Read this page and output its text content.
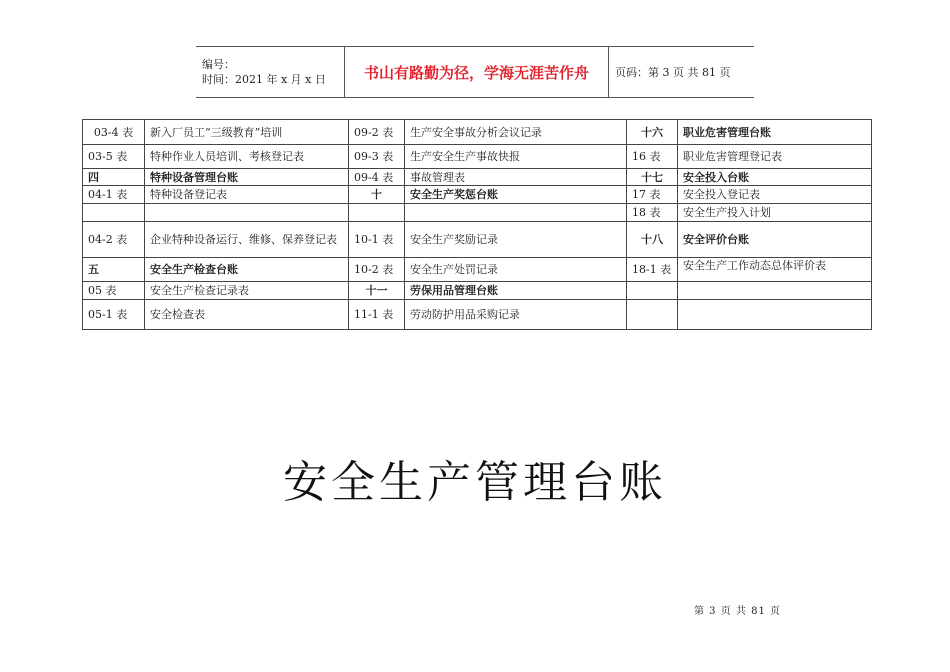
编号：
时间：2021 年 x 月 x 日	书山有路勤为径，学海无涯苦作舟	页码：第 3 页 共 81 页
03-4 表	新入厂员工“三级教育”培训	09-2 表	生产安全事故分析会议记录	十六	职业危害管理台账
03-5 表	特种作业人员培训、考核登记表	09-3 表	生产安全生产事故快报	16 表	职业危害管理登记表
四	特种设备管理台账	09-4 表	事故管理表	十七	安全投入台账
04-1 表	特种设备登记表	十	安全生产奖惩台账	17 表	安全投入登记表
				18 表	安全生产投入计划
04-2 表	企业特种设备运行、维修、保养登记表	10-1 表	安全生产奖励记录	十八	安全评价台账
五	安全生产检查台账	10-2 表	安全生产处罚记录	18-1 表	安全生产工作动态总体评价表
05 表	安全生产检查记录表	十一	劳保用品管理台账		
05-1 表	安全检查表	11-1 表	劳动防护用品采购记录		
安全生产管理台账
第 3 页 共 81 页
